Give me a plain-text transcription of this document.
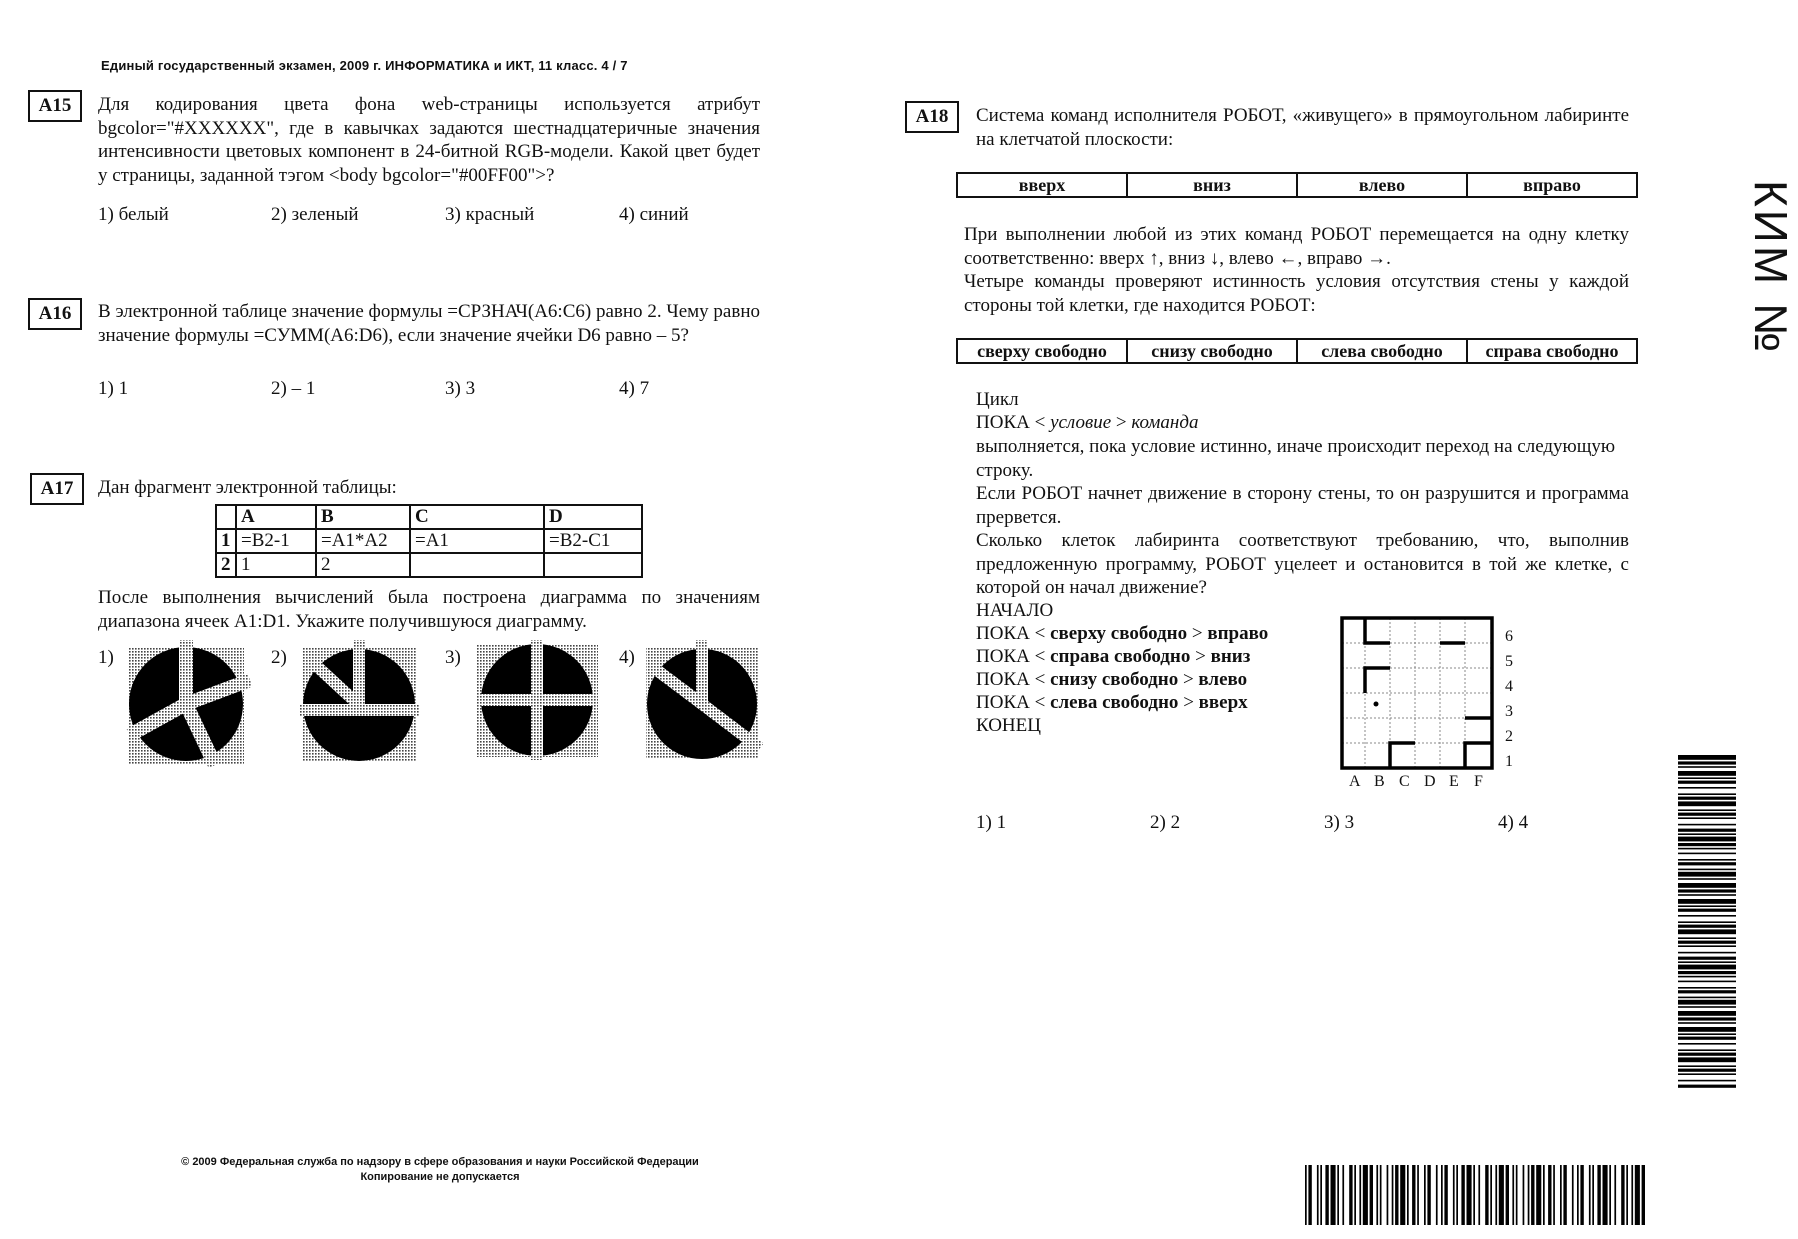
Единый государственный экзамен, 2009 г. ИНФОРМАТИКА и ИКТ, 11 класс. 4 / 7
А15	Для кодирования цвета фона web-страницы используется атрибут bgcolor="#XXXXXX", где в кавычках задаются шестнадцатеричные значения интенсивности цветовых компонент в 24-битной RGB-модели. Какой цвет будет у страницы, заданной тэгом <body bgcolor="#00FF00">?
1) белый	2) зеленый	3) красный	4) синий
А16	В электронной таблице значение формулы =СРЗНАЧ(A6:C6) равно 2. Чему равно значение формулы =СУММ(A6:D6), если значение ячейки D6 равно – 5?
1) 1	2) – 1	3) 3	4) 7
А17	Дан фрагмент электронной таблицы:
	A	B	C	D
1	=B2-1	=A1*A2	=A1	=B2-C1
2	1	2		
После выполнения вычислений была построена диаграмма по значениям диапазона ячеек A1:D1. Укажите получившуюся диаграмму.
1)	2)	3)	4)
А18	Система команд исполнителя РОБОТ, «живущего» в прямоугольном лабиринте на клетчатой плоскости:
вверх	вниз	влево	вправо
При выполнении любой из этих команд РОБОТ перемещается на одну клетку соответственно: вверх ↑, вниз ↓, влево ←, вправо →.
Четыре команды проверяют истинность условия отсутствия стены у каждой стороны той клетки, где находится РОБОТ:
сверху свободно	снизу свободно	слева свободно	справа свободно
Цикл
ПОКА < условие > команда
выполняется, пока условие истинно, иначе происходит переход на следующую строку.
Если РОБОТ начнет движение в сторону стены, то он разрушится и программа прервется.
Сколько клеток лабиринта соответствуют требованию, что, выполнив предложенную программу, РОБОТ уцелеет и остановится в той же клетке, с которой он начал движение?
НАЧАЛО
ПОКА < сверху свободно > вправо
ПОКА < справа свободно > вниз
ПОКА < снизу свободно > влево
ПОКА < слева свободно > вверх
КОНЕЦ
6
5
4
3
2
1
A B C D E F
1) 1	2) 2	3) 3	4) 4
КИМ №
© 2009 Федеральная служба по надзору в сфере образования и науки Российской Федерации
Копирование не допускается
